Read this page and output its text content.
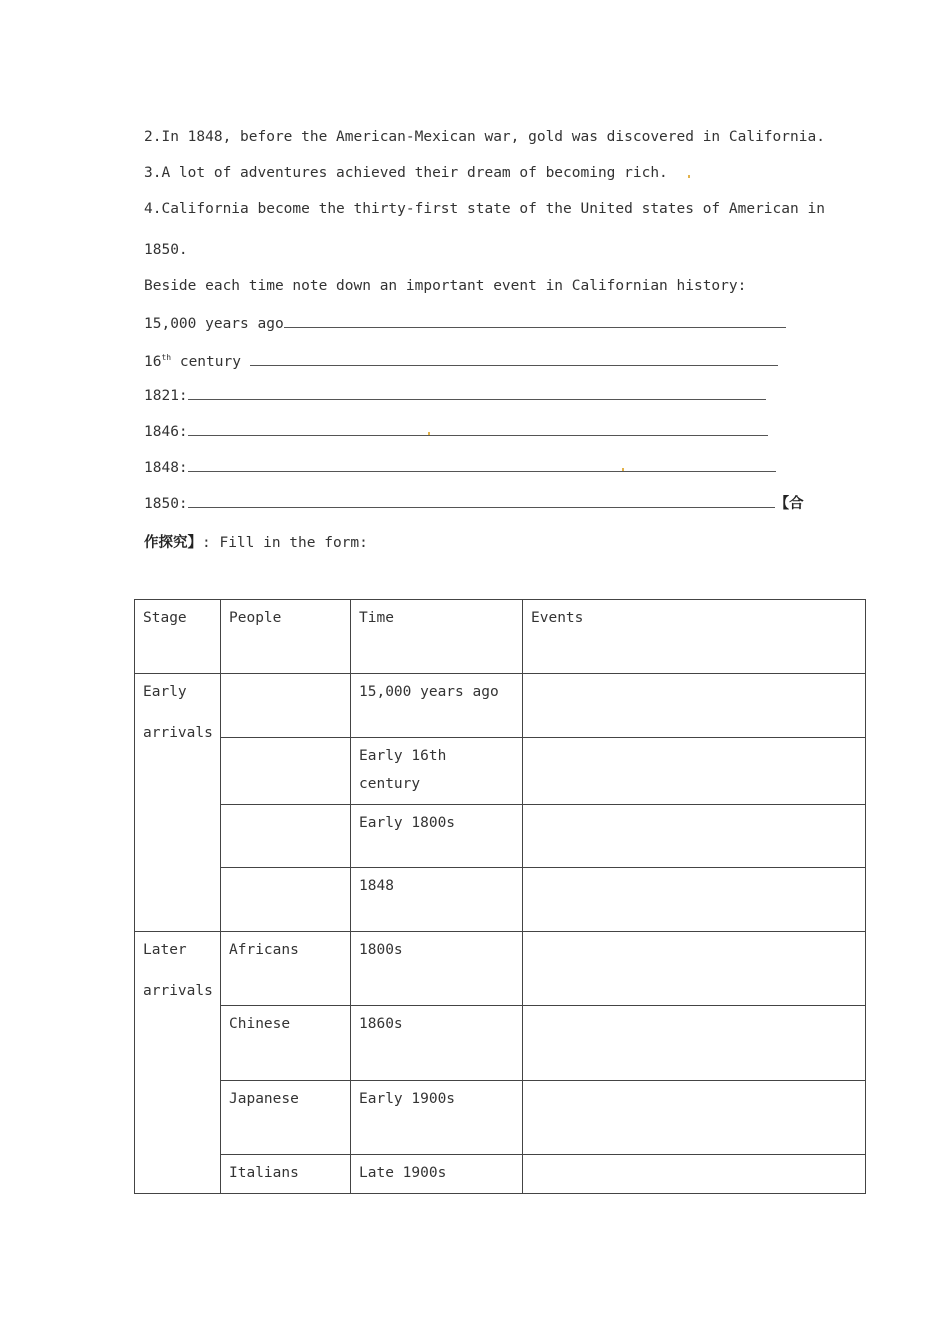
2.In 1848, before the American-Mexican war, gold was discovered in California.
3.A lot of adventures achieved their dream of becoming rich.
4.California become the thirty-first state of the United states of American in
1850.
Beside each time note down an important event in Californian history:
15,000 years ago
16th century
1821:
1846:
1848:
1850:	【合
作探究】: Fill in the form:
Stage	People	Time	Events

Early arrivals		15,000 years ago	

		Early 16th century	

		Early 1800s	

		1848	

Later arrivals	Africans	1800s	

	Chinese	1860s	

	Japanese	Early 1900s	

	Italians	Late 1900s	
